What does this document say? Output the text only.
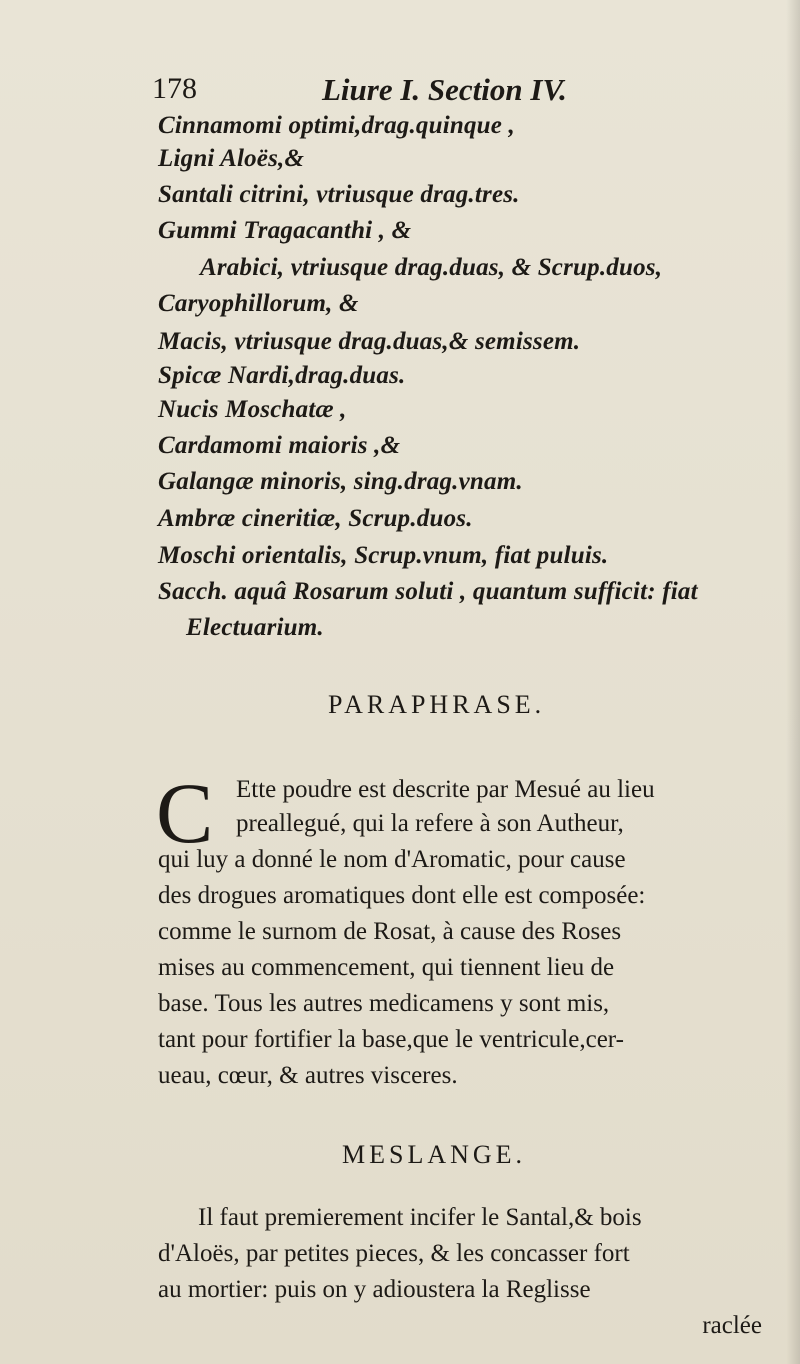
178	Liure I. Section IV.
Cinnamomi optimi,drag.quinque ,
Ligni Aloës,&
Santali citrini, vtriusque drag.tres.
Gummi Tragacanthi , &
Arabici, vtriusque drag.duas, & Scrup.duos,
Caryophillorum, &
Macis, vtriusque drag.duas,& semissem.
Spicæ Nardi,drag.duas.
Nucis Moschatæ ,
Cardamomi maioris ,&
Galangæ minoris, sing.drag.vnam.
Ambræ cineritiæ, Scrup.duos.
Moschi orientalis, Scrup.vnum, fiat puluis.
Sacch. aquâ Rosarum soluti , quantum sufficit: fiat
Electuarium.
PARAPHRASE.
C Ette poudre est descrite par Mesué au lieu
preallegué, qui la refere à son Autheur,
qui luy a donné le nom d'Aromatic, pour cause
des drogues aromatiques dont elle est composée:
comme le surnom de Rosat, à cause des Roses
mises au commencement, qui tiennent lieu de
base. Tous les autres medicamens y sont mis,
tant pour fortifier la base,que le ventricule,cer-
ueau, cœur, & autres visceres.
MESLANGE.
Il faut premierement incifer le Santal,& bois
d'Aloës, par petites pieces, & les concasser fort
au mortier: puis on y adioustera la Reglisse
raclée
